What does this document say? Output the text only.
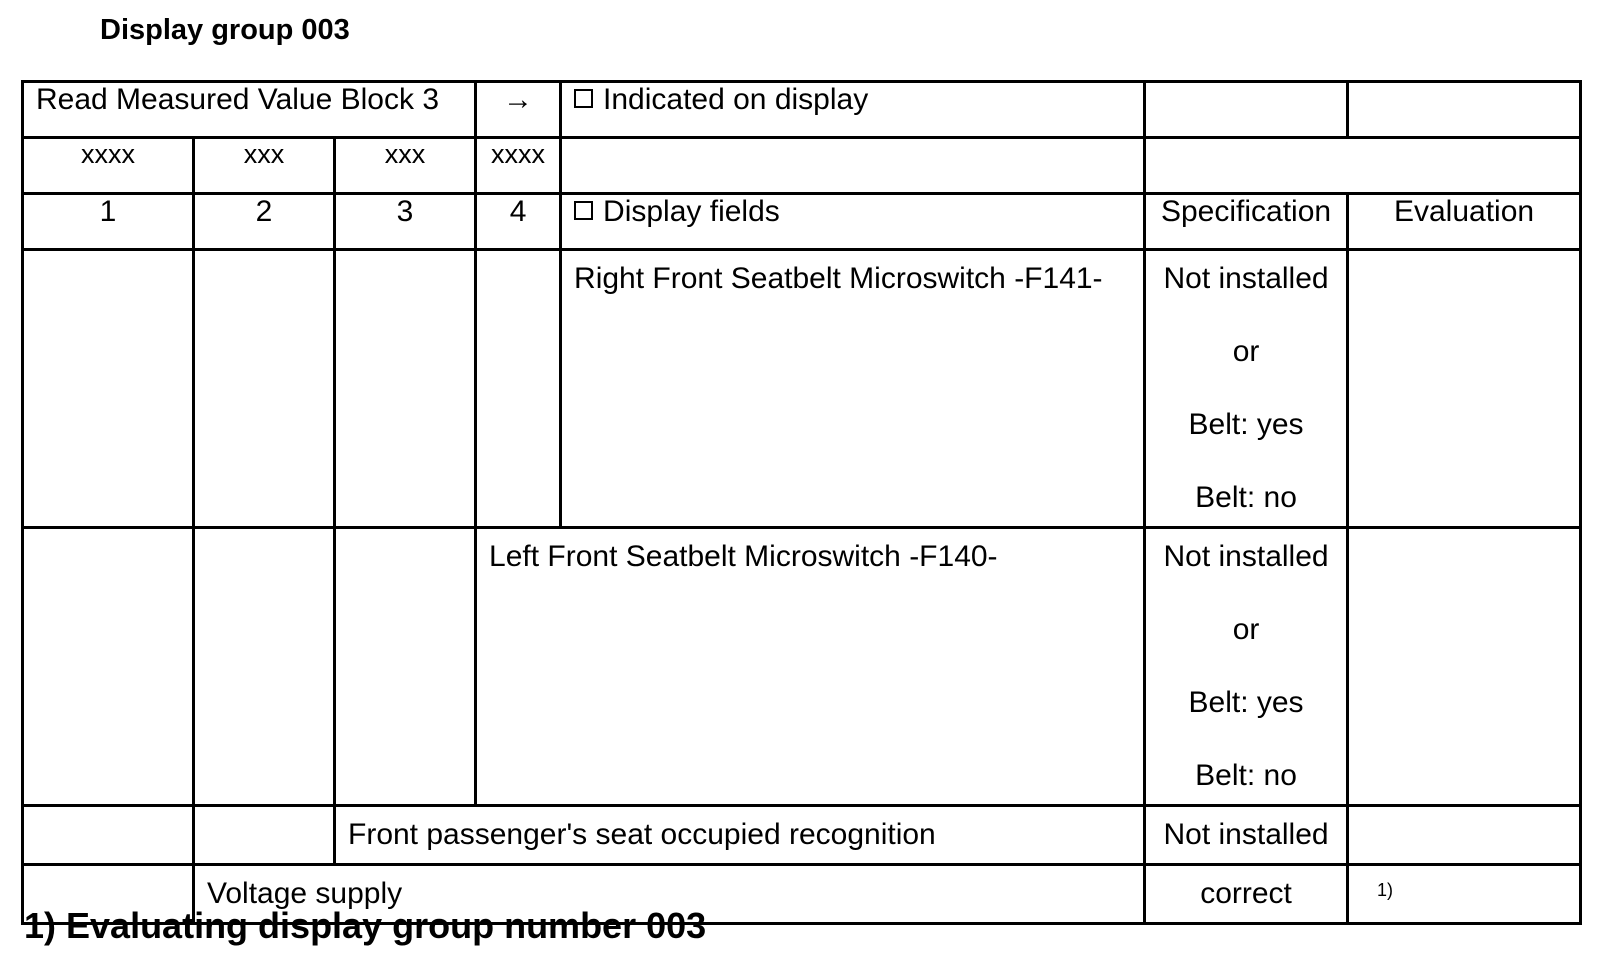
Display group 003
Read Measured Value Block 3			→	Indicated on display		
xxxx	xxx	xxx	xxxx			
1	2	3	4	Display fields	Specification	Evaluation

				Right Front Seatbelt Microswitch -F141-	Not installed
or
Belt: yes
Belt: no	

			Left Front Seatbelt Microswitch -F140-		Not installed
or
Belt: yes
Belt: no	

		Front passenger's seat occupied recognition			Not installed	

	Voltage supply				correct	1)

1) Evaluating display group number 003
